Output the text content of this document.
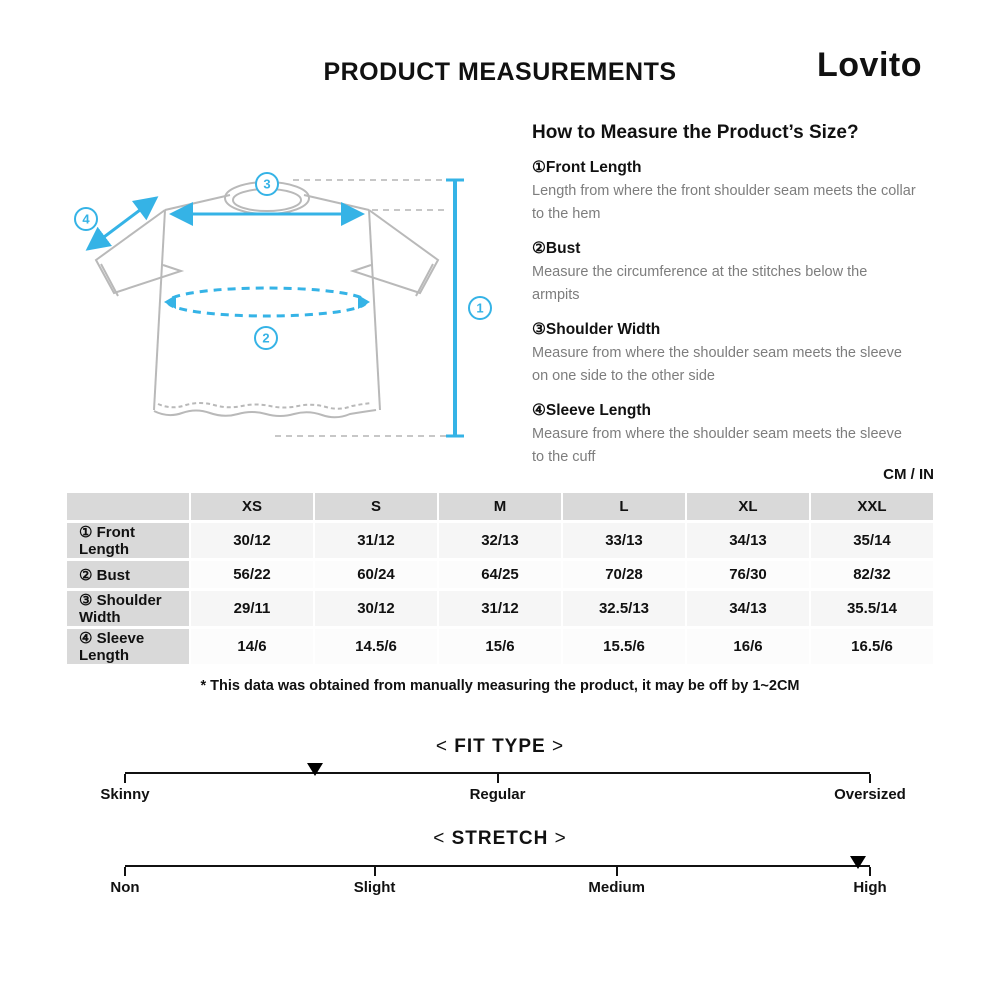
PRODUCT MEASUREMENTS	Lovito
3
2
1
4
How to Measure the Product’s Size?
①Front Length
Length from where the front shoulder seam meets the collar to the hem
②Bust
Measure the circumference at the stitches below the armpits
③Shoulder Width
Measure from where the shoulder seam meets the sleeve on one side to the other side
④Sleeve Length
Measure from where the shoulder seam meets the sleeve to the cuff
CM / IN
	XS	S	M	L	XL	XXL
① Front Length	30/12	31/12	32/13	33/13	34/13	35/14
② Bust	56/22	60/24	64/25	70/28	76/30	82/32
③ Shoulder Width	29/11	30/12	31/12	32.5/13	34/13	35.5/14
④ Sleeve Length	14/6	14.5/6	15/6	15.5/6	16/6	16.5/6
* This data was obtained from manually measuring the product, it may be off by 1~2CM
< FIT TYPE >
Skinny	Regular	Oversized
< STRETCH >
Non	Slight	Medium	High
